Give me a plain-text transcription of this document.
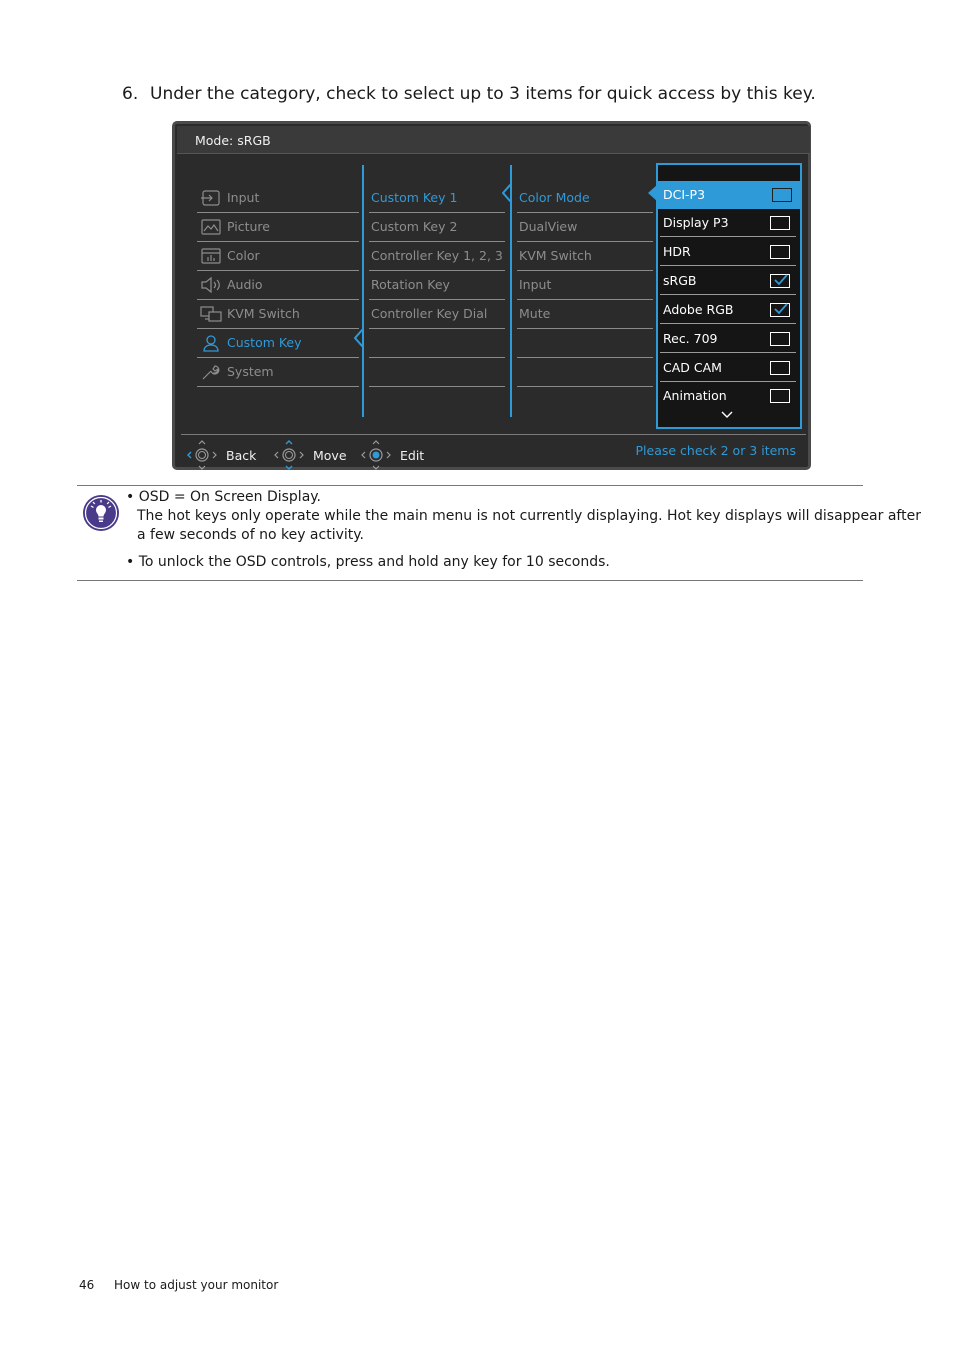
6. Under the category, check to select up to 3 items for quick access by this key.
Mode: sRGB
Input
Picture
Color
Audio
KVM Switch
Custom Key
System
Custom Key 1
Custom Key 2
Controller Key 1, 2, 3
Rotation Key
Controller Key Dial
Color Mode
DualView
KVM Switch
Input
Mute
DCI-P3
Display P3
HDR
sRGB
Adobe RGB
Rec. 709
CAD CAM
Animation
Back	Move	Edit	Please check 2 or 3 items
• OSD = On Screen Display.
The hot keys only operate while the main menu is not currently displaying. Hot key displays will disappear after
a few seconds of no key activity.
• To unlock the OSD controls, press and hold any key for 10 seconds.
46 How to adjust your monitor
